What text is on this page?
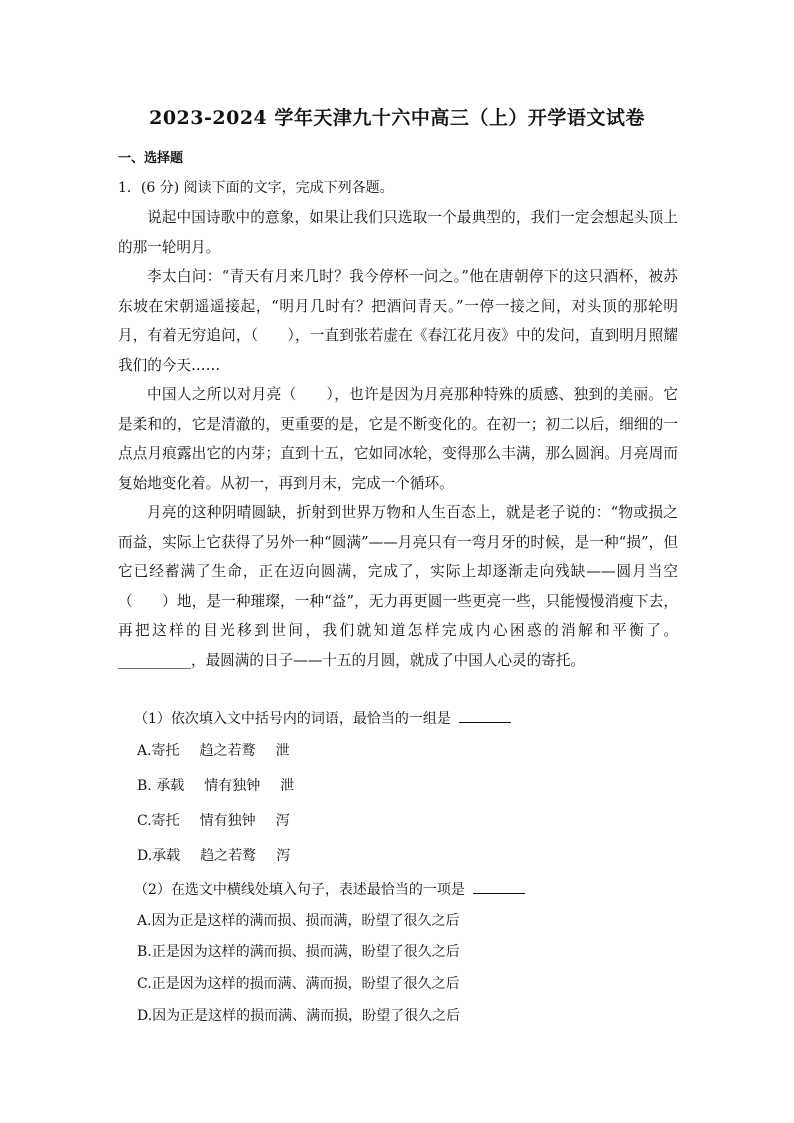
2023-2024 学年天津九十六中高三（上）开学语文试卷
一、选择题
1．(6 分) 阅读下面的文字，完成下列各题。

说起中国诗歌中的意象，如果让我们只选取一个最典型的，我们一定会想起头顶上的那一轮明月。

李太白问：“青天有月来几时？我今停杯一问之。”他在唐朝停下的这只酒杯，被苏东坡在宋朝遥遥接起，“明月几时有？把酒问青天。”一停一接之间，对头顶的那轮明月，有着无穷追问，（　　），一直到张若虚在《春江花月夜》中的发问，直到明月照耀我们的今天……

中国人之所以对月亮（　　），也许是因为月亮那种特殊的质感、独到的美丽。它是柔和的，它是清澈的，更重要的是，它是不断变化的。在初一；初二以后，细细的一点点月痕露出它的内芽；直到十五，它如同冰轮，变得那么丰满，那么圆润。月亮周而复始地变化着。从初一，再到月末，完成一个循环。

月亮的这种阴晴圆缺，折射到世界万物和人生百态上，就是老子说的：“物或损之而益，实际上它获得了另外一种“圆满”——月亮只有一弯月牙的时候，是一种“损”，但它已经蓄满了生命，正在迈向圆满，完成了，实际上却逐渐走向残缺——圆月当空（　　）地，是一种璀璨，一种“益”，无力再更圆一些更亮一些，只能慢慢消瘦下去，再把这样的目光移到世间，我们就知道怎样完成内心困惑的消解和平衡了。__________，最圆满的日子——十五的月圆，就成了中国人心灵的寄托。

（1）依次填入文中括号内的词语，最恰当的一组是
A.寄托 趋之若鹜 泄
B. 承载 情有独钟 泄
C.寄托 情有独钟 泻
D.承载 趋之若鹜 泻
（2）在选文中横线处填入句子，表述最恰当的一项是
A.因为正是这样的满而损、损而满，盼望了很久之后
B.正是因为这样的满而损、损而满，盼望了很久之后
C.正是因为这样的损而满、满而损，盼望了很久之后
D.因为正是这样的损而满、满而损，盼望了很久之后
